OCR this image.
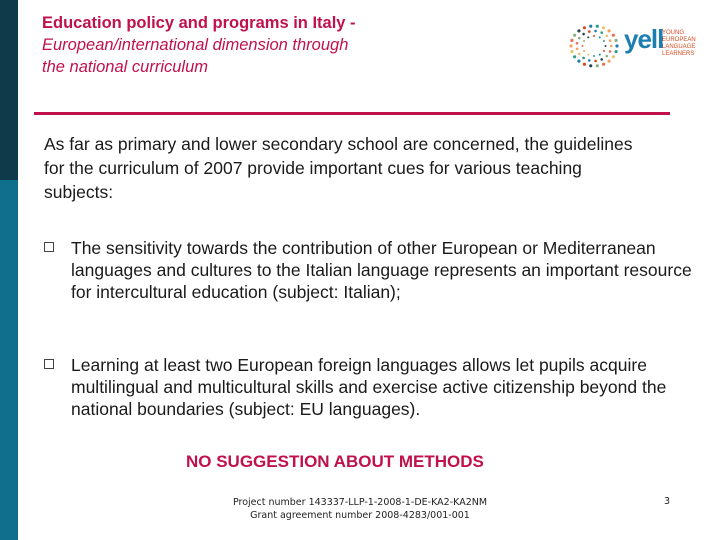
Education policy and programs in Italy -
European/international dimension through
the national curriculum
yell
YOUNG EUROPEAN LANGUAGE LEARNERS
As far as primary and lower secondary school are concerned, the guidelines for the curriculum of 2007 provide important cues for various teaching subjects:
The sensitivity towards the contribution of other European or Mediterranean languages and cultures to the Italian language represents an important resource for intercultural education (subject: Italian);
Learning at least two European foreign languages allows let pupils acquire multilingual and multicultural skills and exercise active citizenship beyond the national boundaries (subject: EU languages).
NO SUGGESTION ABOUT METHODS
Project number 143337-LLP-1-2008-1-DE-KA2-KA2NM
Grant agreement number 2008-4283/001-001
3
